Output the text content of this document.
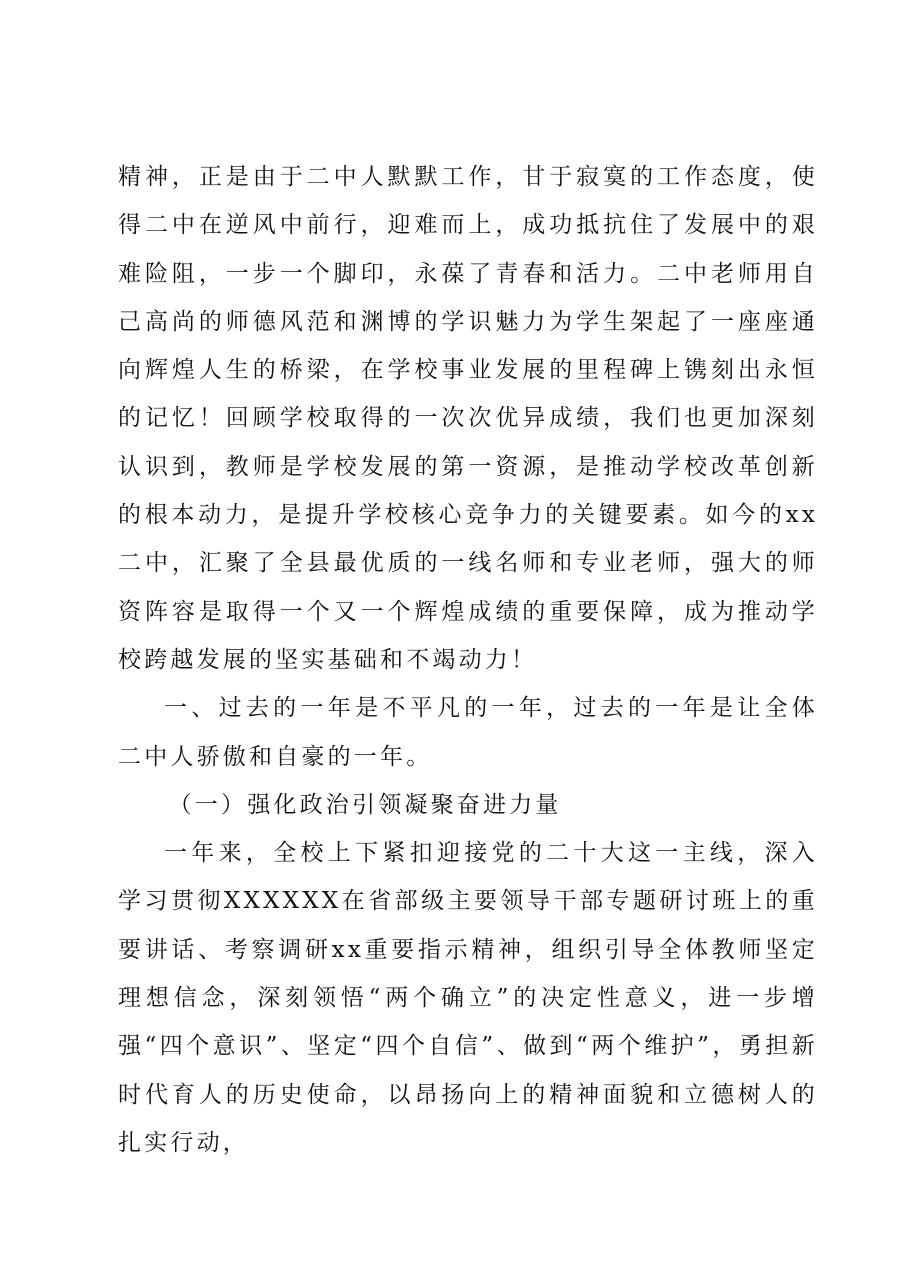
精神，正是由于二中人默默工作，甘于寂寞的工作态度，使得二中在逆风中前行，迎难而上，成功抵抗住了发展中的艰难险阻，一步一个脚印，永葆了青春和活力。二中老师用自己高尚的师德风范和渊博的学识魅力为学生架起了一座座通向辉煌人生的桥梁，在学校事业发展的里程碑上镌刻出永恒的记忆！回顾学校取得的一次次优异成绩，我们也更加深刻认识到，教师是学校发展的第一资源，是推动学校改革创新的根本动力，是提升学校核心竞争力的关键要素。如今的xx二中，汇聚了全县最优质的一线名师和专业老师，强大的师资阵容是取得一个又一个辉煌成绩的重要保障，成为推动学校跨越发展的坚实基础和不竭动力！

一、过去的一年是不平凡的一年，过去的一年是让全体二中人骄傲和自豪的一年。

（一）强化政治引领凝聚奋进力量

一年来，全校上下紧扣迎接党的二十大这一主线，深入学习贯彻XXXXXX在省部级主要领导干部专题研讨班上的重要讲话、考察调研xx重要指示精神，组织引导全体教师坚定理想信念，深刻领悟“两个确立”的决定性意义，进一步增强“四个意识”、坚定“四个自信”、做到“两个维护”，勇担新时代育人的历史使命，以昂扬向上的精神面貌和立德树人的扎实行动，
